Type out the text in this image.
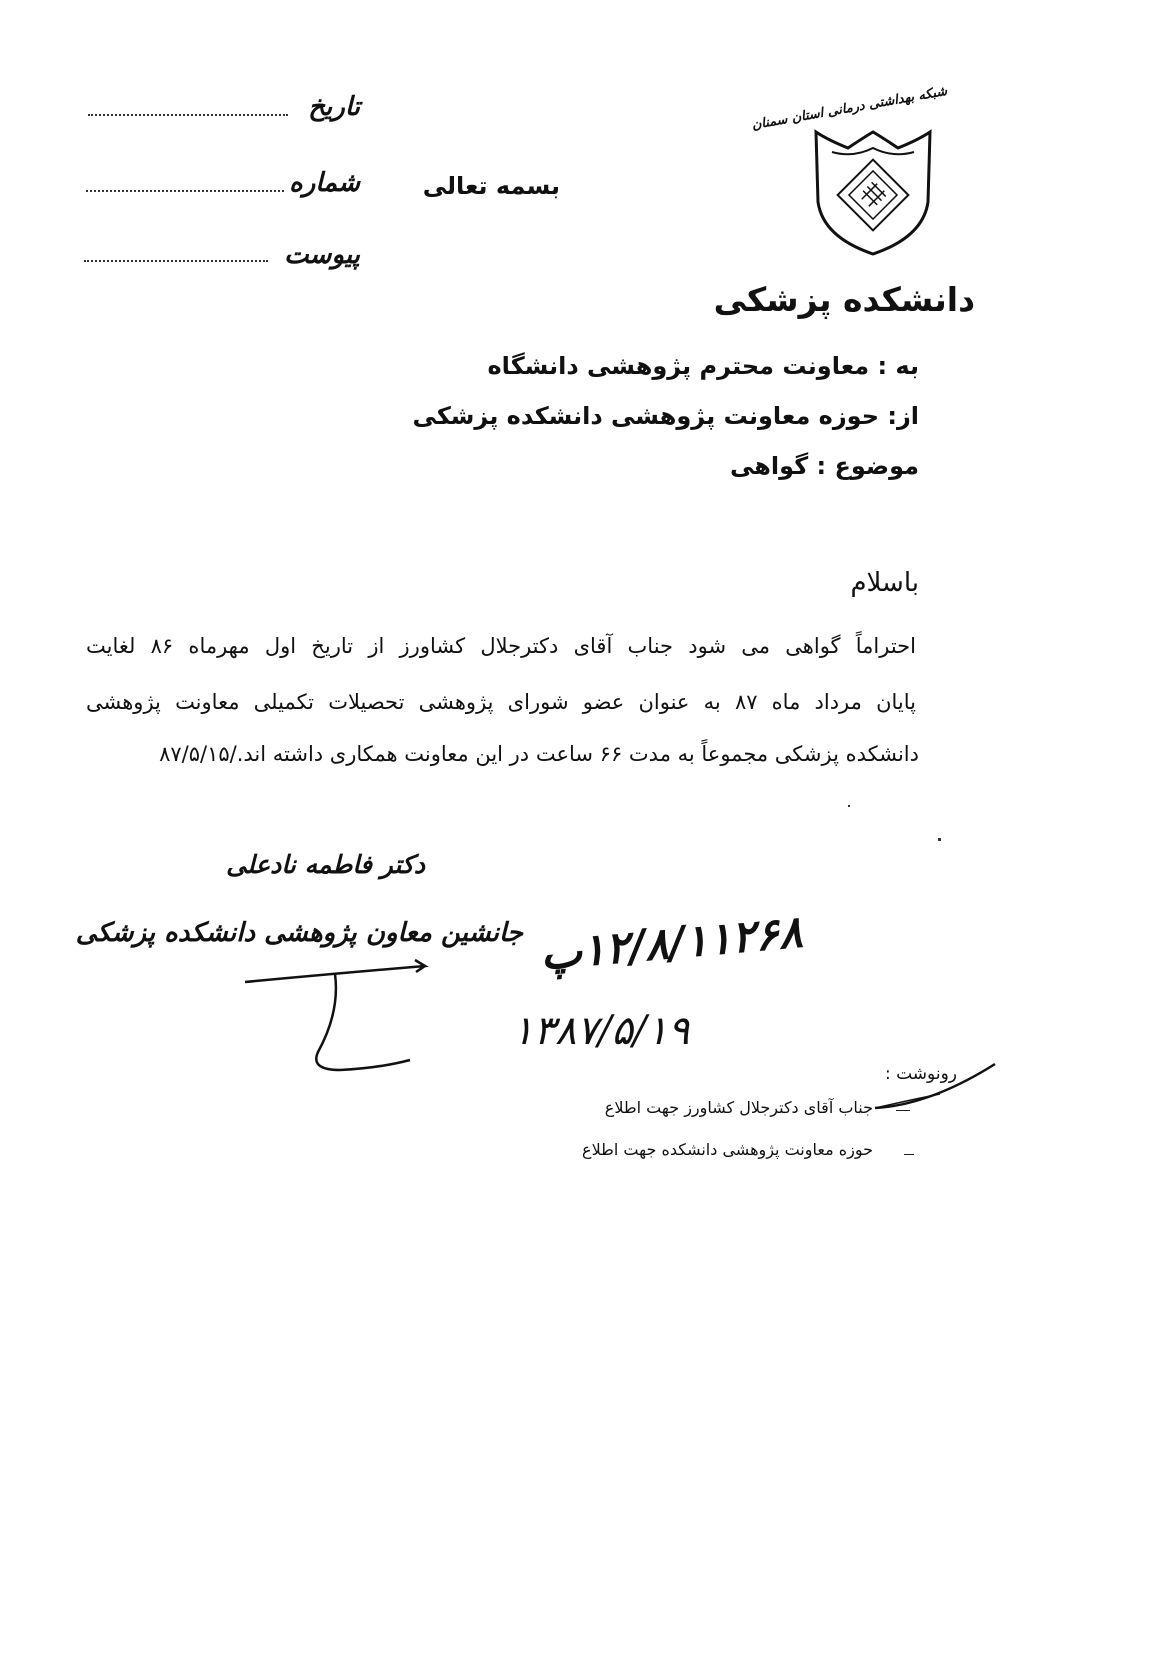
شبکه بهداشتی درمانی استان سمنان
دانشکده پزشکی
بسمه تعالی
تاریخ
شماره
پیوست
به : معاونت محترم پژوهشی دانشگاه
از: حوزه معاونت پژوهشی دانشکده پزشکی
موضوع : گواهی
باسلام
احتراماً گواهی می شود جناب آقای دکترجلال کشاورز از تاریخ اول مهرماه ۸۶ لغایت
پایان مرداد ماه ۸۷ به عنوان عضو شورای پژوهشی تحصیلات تکمیلی معاونت پژوهشی
دانشکده پزشکی مجموعاً به مدت ۶۶ ساعت در این معاونت همکاری داشته اند./۸۷/۵/۱۵
دکتر فاطمه نادعلی
جانشین معاون پژوهشی دانشکده پزشکی ۱۲/۸/۱۱۲۶۸پ
۱۳۸۷/۵/۱۹
رونوشت :
جناب آقای دکترجلال کشاورز جهت اطلاع
حوزه معاونت پژوهشی دانشکده جهت اطلاع
